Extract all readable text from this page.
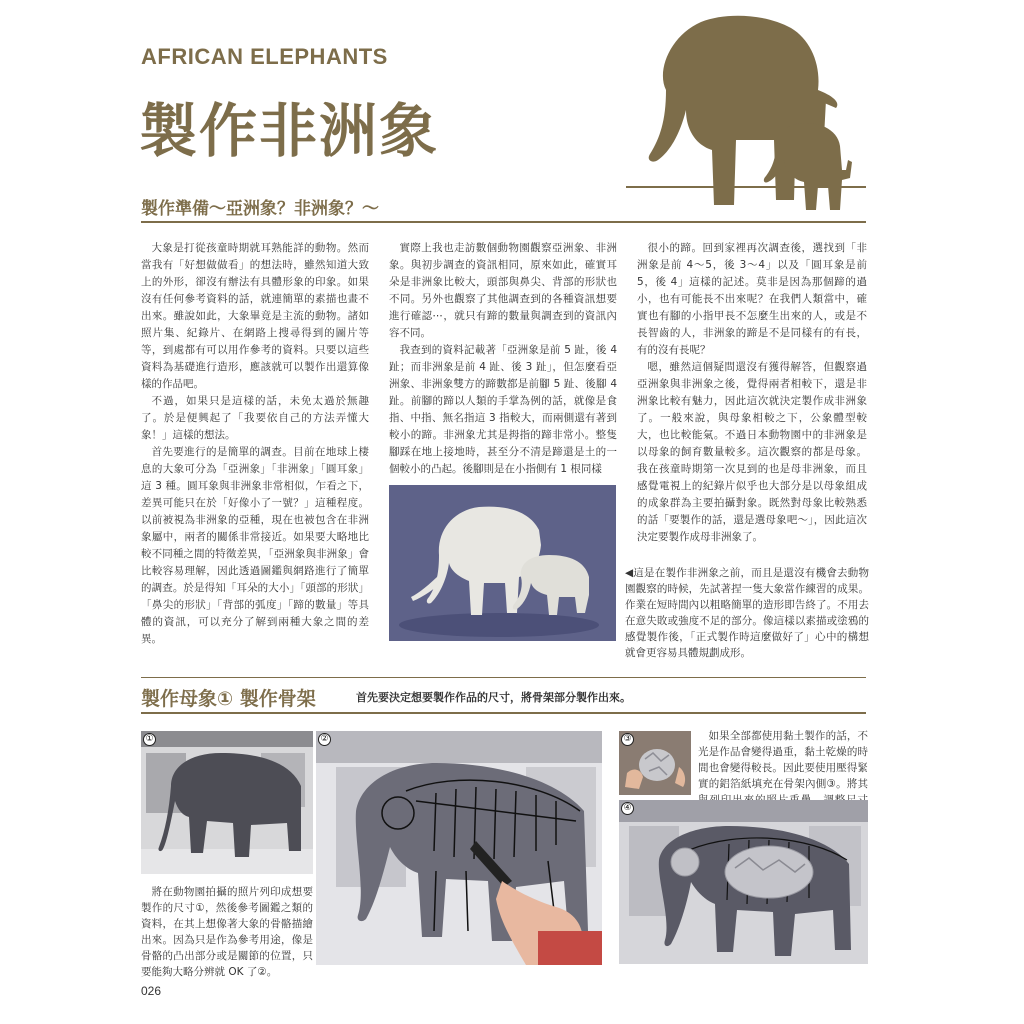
AFRICAN ELEPHANTS
製作非洲象
製作準備～亞洲象？非洲象？～

大象是打從孩童時期就耳熟能詳的動物。然而當我有「好想做做看」的想法時，雖然知道大致上的外形，卻沒有辦法有具體形象的印象。如果沒有任何參考資料的話，就連簡單的素描也畫不出來。雖說如此，大象畢竟是主流的動物。諸如照片集、紀錄片、在網路上搜尋得到的圖片等等，到處都有可以用作參考的資料。只要以這些資料為基礎進行造形，應該就可以製作出還算像樣的作品吧。

不過，如果只是這樣的話，未免太過於無趣了。於是便興起了「我要依自己的方法弄懂大象！」這樣的想法。

首先要進行的是簡單的調查。目前在地球上棲息的大象可分為「亞洲象」「非洲象」「圓耳象」這 3 種。圓耳象與非洲象非常相似，乍看之下，差異可能只在於「好像小了一號？」這種程度。以前被視為非洲象的亞種，現在也被包含在非洲象屬中，兩者的關係非常接近。如果要大略地比較不同種之間的特徵差異，「亞洲象與非洲象」會比較容易理解，因此透過圖鑑與網路進行了簡單的調查。於是得知「耳朵的大小」「頭部的形狀」「鼻尖的形狀」「背部的弧度」「蹄的數量」等具體的資訊，可以充分了解到兩種大象之間的差異。

實際上我也走訪數個動物園觀察亞洲象、非洲象。與初步調查的資訊相同，原來如此，確實耳朵是非洲象比較大，頭部與鼻尖、背部的形狀也不同。另外也觀察了其他調查到的各種資訊想要進行確認⋯，就只有蹄的數量與調查到的資訊內容不同。

我查到的資料記載著「亞洲象是前 5 趾，後 4 趾；而非洲象是前 4 趾、後 3 趾」，但怎麼看亞洲象、非洲象雙方的蹄數都是前腳 5 趾、後腳 4 趾。前腳的蹄以人類的手掌為例的話，就像是食指、中指、無名指這 3 指較大，而兩側還有著到較小的蹄。非洲象尤其是拇指的蹄非常小。整隻腳踩在地上接地時，甚至分不清是蹄還是土的一個較小的凸起。後腳則是在小指側有 1 根同樣

很小的蹄。回到家裡再次調查後，選找到「非洲象是前 4～5，後 3～4」以及「圓耳象是前 5，後 4」這樣的記述。莫非是因為那個蹄的過小，也有可能長不出來呢？在我們人類當中，確實也有腳的小指甲長不怎麼生出來的人，或是不長智齒的人，非洲象的蹄是不是同樣有的有長，有的沒有長呢？

嗯，雖然這個疑問還沒有獲得解答，但觀察過亞洲象與非洲象之後，覺得兩者相較下，還是非洲象比較有魅力，因此這次就決定製作成非洲象了。一般來說，與母象相較之下，公象體型較大，也比較能氣。不過日本動物園中的非洲象是以母象的飼育數量較多。這次觀察的都是母象。我在孩童時期第一次見到的也是母非洲象，而且感覺電視上的紀錄片似乎也大部分是以母象組成的成象群為主要拍攝對象。既然對母象比較熟悉的話「要製作的話，還是選母象吧～」，因此這次決定要製作成母非洲象了。

◀這是在製作非洲象之前，而且是還沒有機會去動物園觀察的時候，先試著捏一隻大象當作練習的成果。作業在短時間內以粗略簡單的造形即告終了。不用去在意失敗或強度不足的部分。像這樣以素描或塗鴉的感覺製作後，「正式製作時這麼做好了」心中的構想就會更容易具體規劃成形。
製作母象① 製作骨架	首先要決定想要製作作品的尺寸，將骨架部分製作出來。
①
將在動物園拍攝的照片列印成想要製作的尺寸①，然後參考圖鑑之類的資料，在其上想像著大象的骨骼描繪出來。因為只是作為參考用途，像是骨骼的凸出部分或是關節的位置，只要能夠大略分辨就 OK 了②。
②	③	如果全部都使用黏土製作的話，不光是作品會變得過重，黏土乾燥的時間也會變得較長。因此要使用壓得緊實的鋁箔紙填充在骨架內側③。將其
④
026
